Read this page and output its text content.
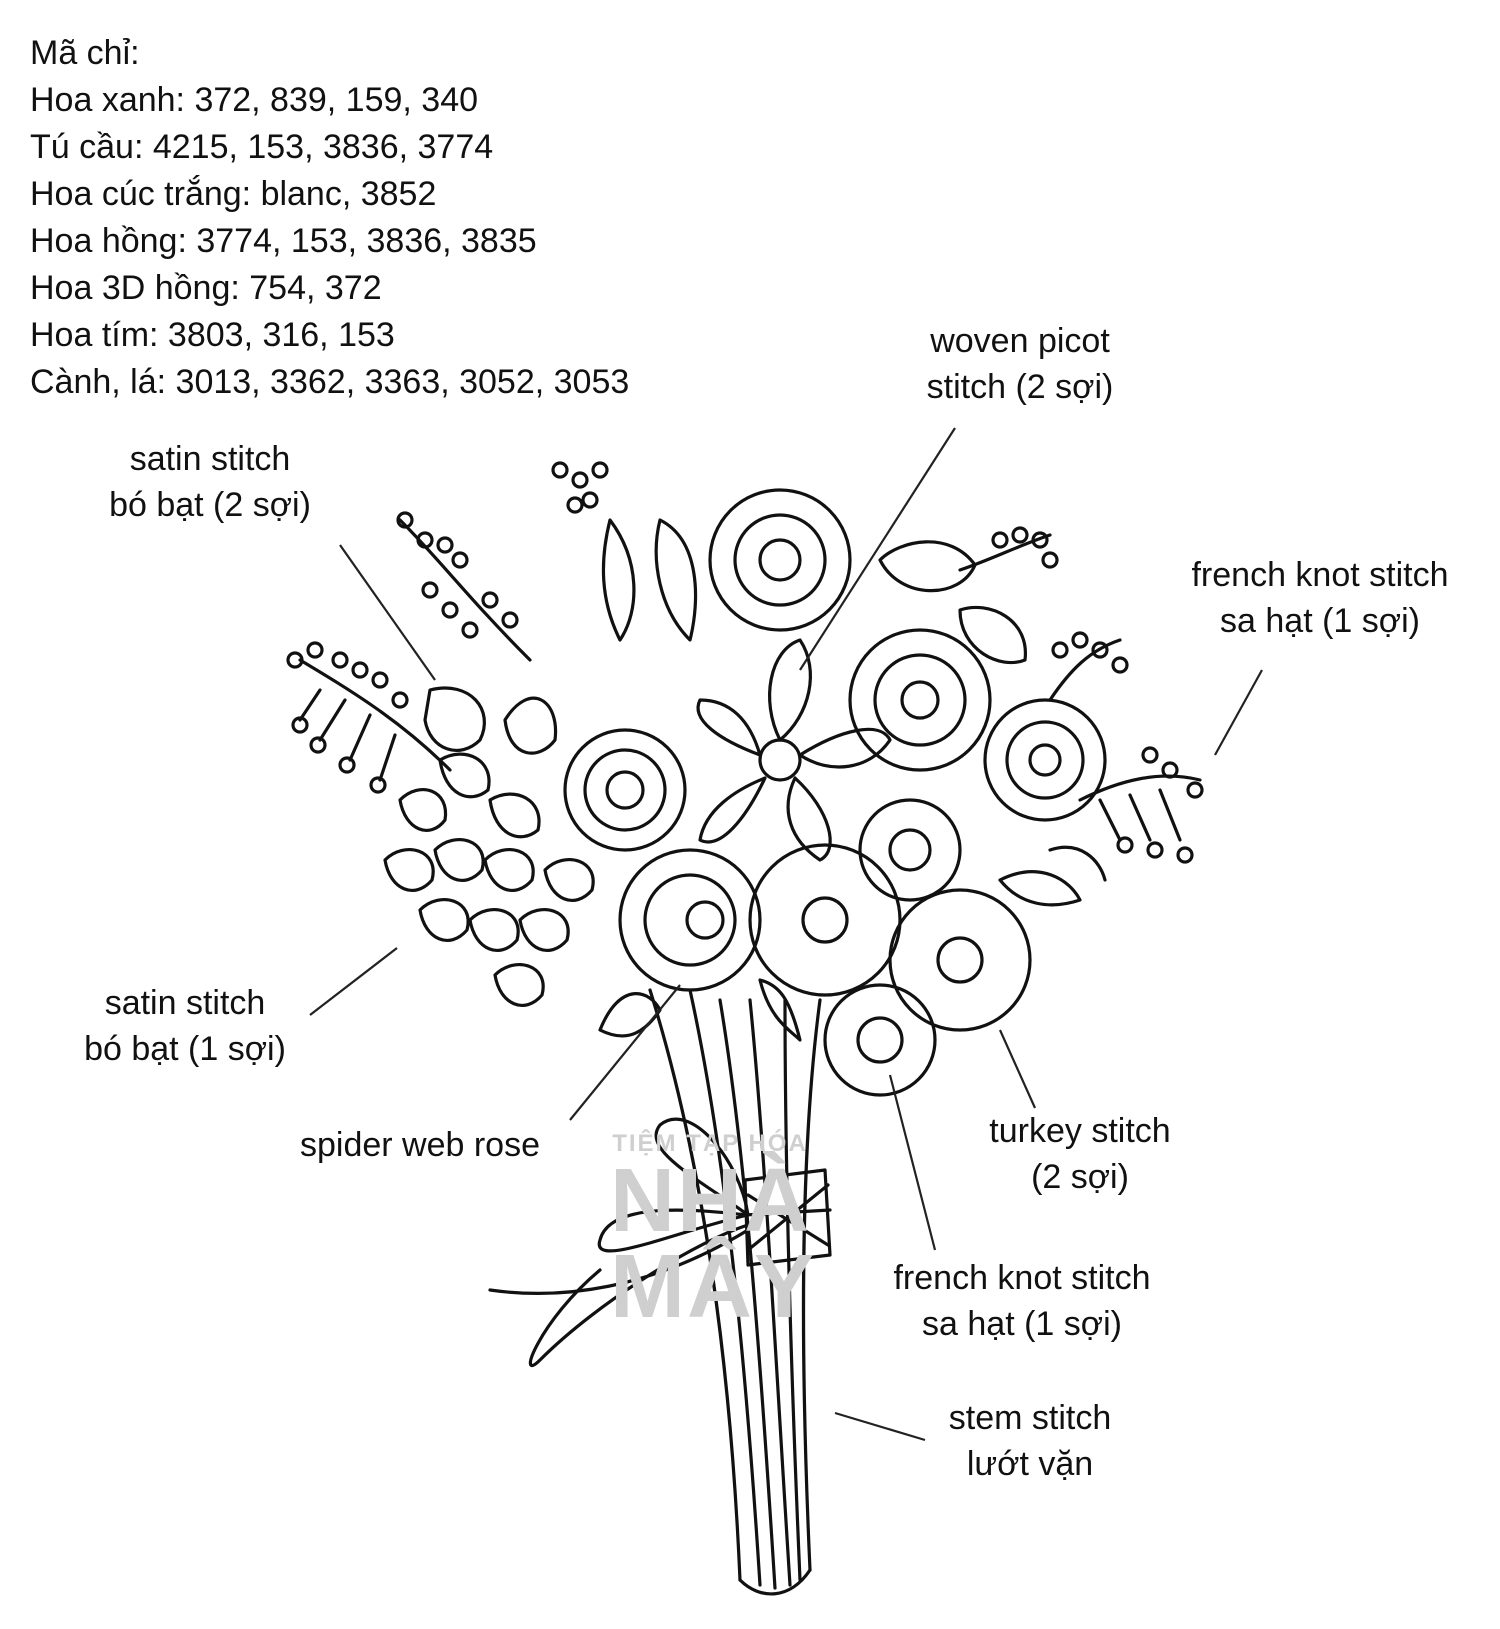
TIỆM TẠP HÓA
NHÀ
MÂY
Mã chỉ:
Hoa xanh: 372, 839, 159, 340
Tú cầu: 4215, 153, 3836, 3774
Hoa cúc trắng: blanc, 3852
Hoa hồng: 3774, 153, 3836, 3835
Hoa 3D hồng: 754, 372
Hoa tím: 3803, 316, 153
Cành, lá: 3013, 3362, 3363, 3052, 3053
woven picot
stitch (2 sợi)
satin stitch
bó bạt (2 sợi)
french knot stitch
sa hạt (1 sợi)
satin stitch
bó bạt (1 sợi)
spider web rose	turkey stitch
(2 sợi)
french knot stitch
sa hạt (1 sợi)
stem stitch
lướt vặn
